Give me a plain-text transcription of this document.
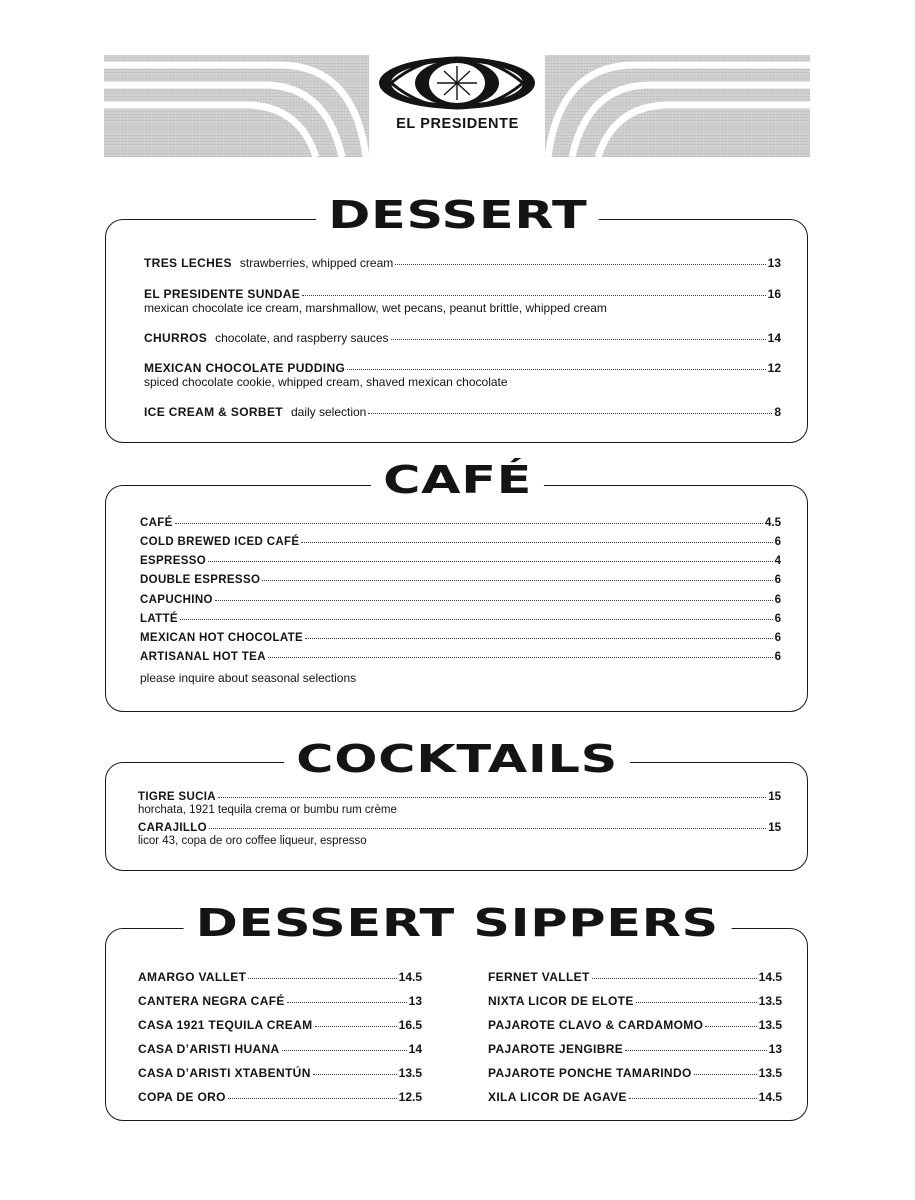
EL PRESIDENTE
DESSERT
TRES LECHES strawberries, whipped cream	13
EL PRESIDENTE SUNDAE	16
mexican chocolate ice cream, marshmallow, wet pecans, peanut brittle, whipped cream
CHURROS chocolate, and raspberry sauces	14
MEXICAN CHOCOLATE PUDDING	12
spiced chocolate cookie, whipped cream, shaved mexican chocolate
ICE CREAM & SORBET daily selection	8
CAFÉ
CAFÉ	4.5
COLD BREWED ICED CAFÉ	6
ESPRESSO	4
DOUBLE ESPRESSO	6
CAPUCHINO	6
LATTÉ	6
MEXICAN HOT CHOCOLATE	6
ARTISANAL HOT TEA	6
please inquire about seasonal selections
COCKTAILS
TIGRE SUCIA	15
horchata, 1921 tequila crema or bumbu rum crème
CARAJILLO	15
licor 43, copa de oro coffee liqueur, espresso
DESSERT SIPPERS
AMARGO VALLET	14.5
CANTERA NEGRA CAFÉ	13
CASA 1921 TEQUILA CREAM	16.5
CASA D’ARISTI HUANA	14
CASA D’ARISTI XTABENTÚN	13.5
COPA DE ORO	12.5
FERNET VALLET	14.5
NIXTA LICOR DE ELOTE	13.5
PAJAROTE CLAVO & CARDAMOMO	13.5
PAJAROTE JENGIBRE	13
PAJAROTE PONCHE TAMARINDO	13.5
XILA LICOR DE AGAVE	14.5
